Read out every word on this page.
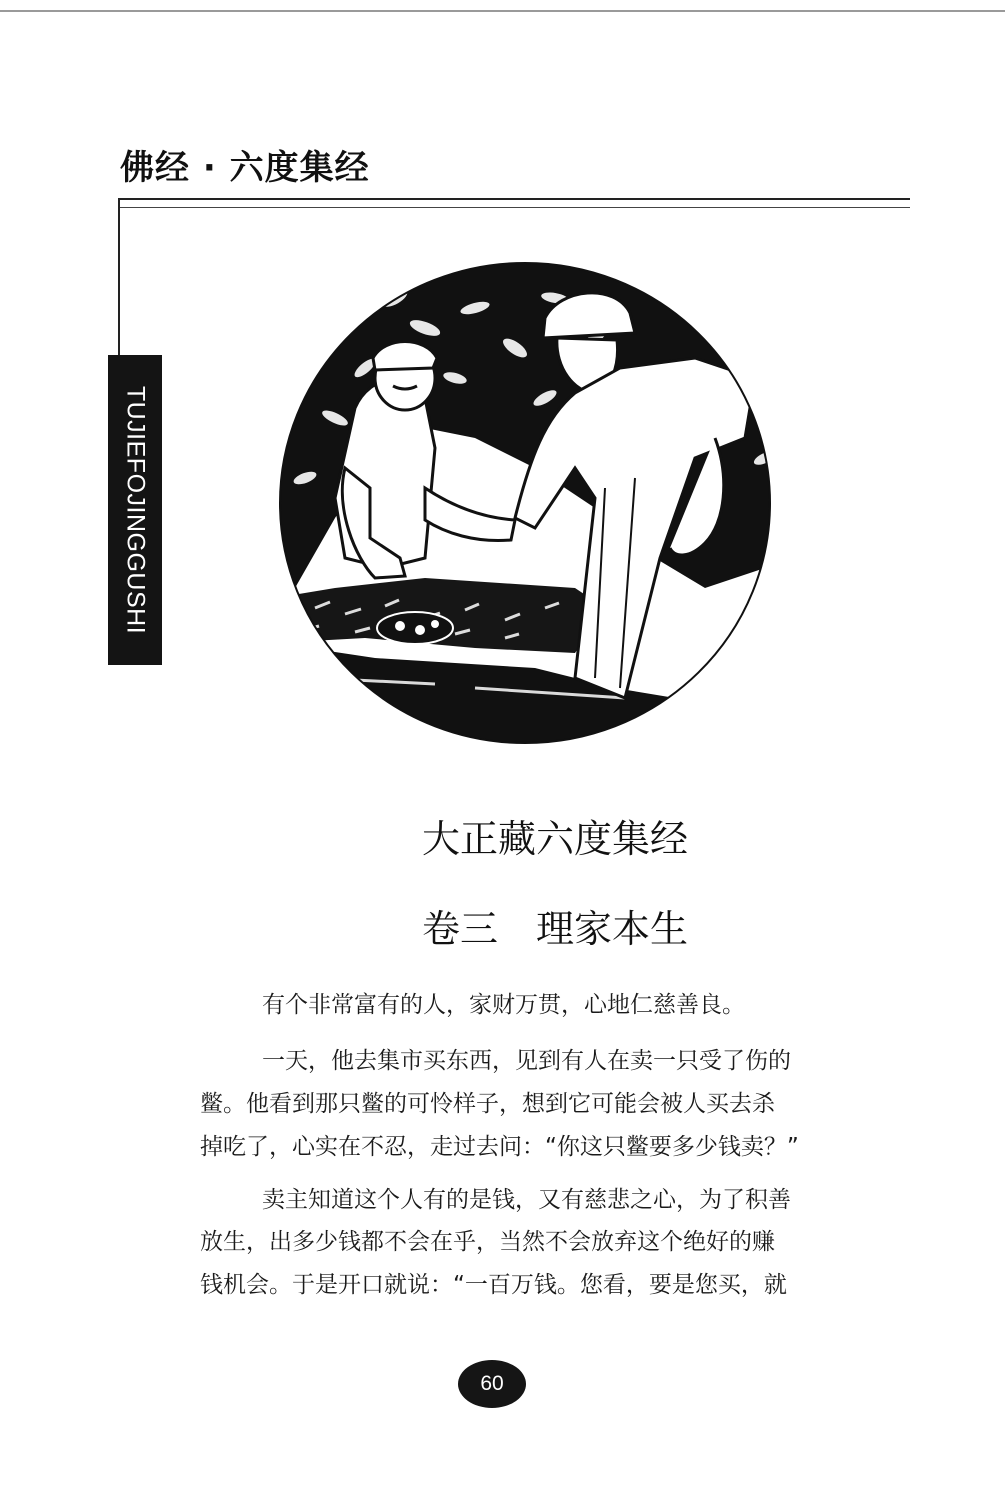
佛经 · 六度集经
TUJIEFOJINGGUSHI
大正藏六度集经
卷三　理家本生
有个非常富有的人，家财万贯，心地仁慈善良。
一天，他去集市买东西，见到有人在卖一只受了伤的
鳖。他看到那只鳖的可怜样子，想到它可能会被人买去杀
掉吃了，心实在不忍，走过去问：“你这只鳖要多少钱卖？”
卖主知道这个人有的是钱，又有慈悲之心，为了积善
放生，出多少钱都不会在乎，当然不会放弃这个绝好的赚
钱机会。于是开口就说：“一百万钱。您看，要是您买，就
60
